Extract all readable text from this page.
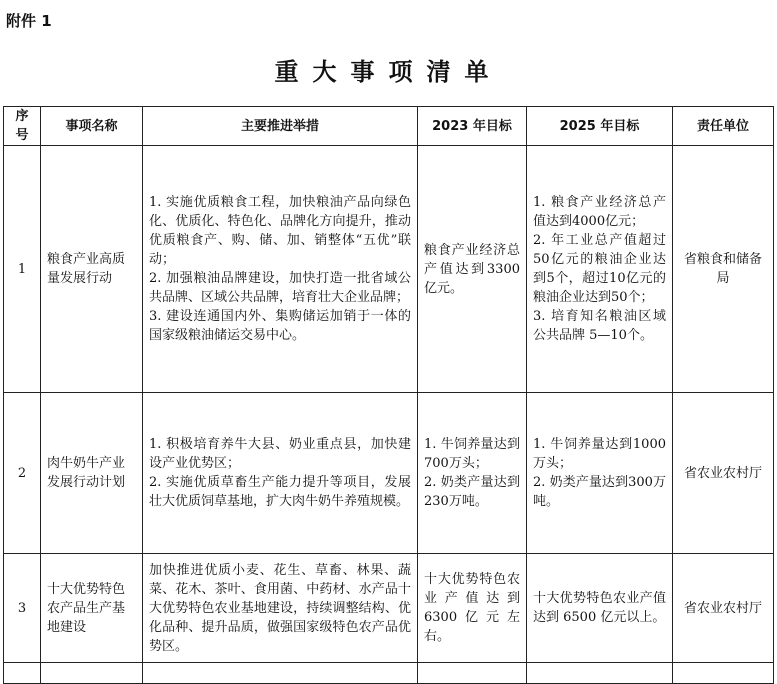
附件 1
重大事项清单
序号	事项名称	主要推进举措	2023 年目标	2025 年目标	责任单位
1	粮食产业高质量发展行动	1. 实施优质粮食工程，加快粮油产品向绿色化、优质化、特色化、品牌化方向提升，推动优质粮食产、购、储、加、销整体“五优”联动；
2. 加强粮油品牌建设，加快打造一批省域公共品牌、区域公共品牌，培育壮大企业品牌；
3. 建设连通国内外、集购储运加销于一体的国家级粮油储运交易中心。	粮食产业经济总产值达到3300亿元。	1. 粮食产业经济总产值达到4000亿元；
2. 年工业总产值超过50亿元的粮油企业达到5个，超过10亿元的粮油企业达到50个；
3. 培育知名粮油区域公共品牌 5—10个。	省粮食和储备局
2	肉牛奶牛产业发展行动计划	1. 积极培育养牛大县、奶业重点县，加快建设产业优势区；
2. 实施优质草畜生产能力提升等项目，发展壮大优质饲草基地，扩大肉牛奶牛养殖规模。	1. 牛饲养量达到700万头；
2. 奶类产量达到230万吨。	1. 牛饲养量达到1000万头；
2. 奶类产量达到300万吨。	省农业农村厅
3	十大优势特色农产品生产基地建设	加快推进优质小麦、花生、草畜、林果、蔬菜、花木、茶叶、食用菌、中药材、水产品十大优势特色农业基地建设，持续调整结构、优化品种、提升品质，做强国家级特色农产品优势区。	十大优势特色农业产值达到6300亿元左右。	十大优势特色农业产值达到 6500 亿元以上。	省农业农村厅
